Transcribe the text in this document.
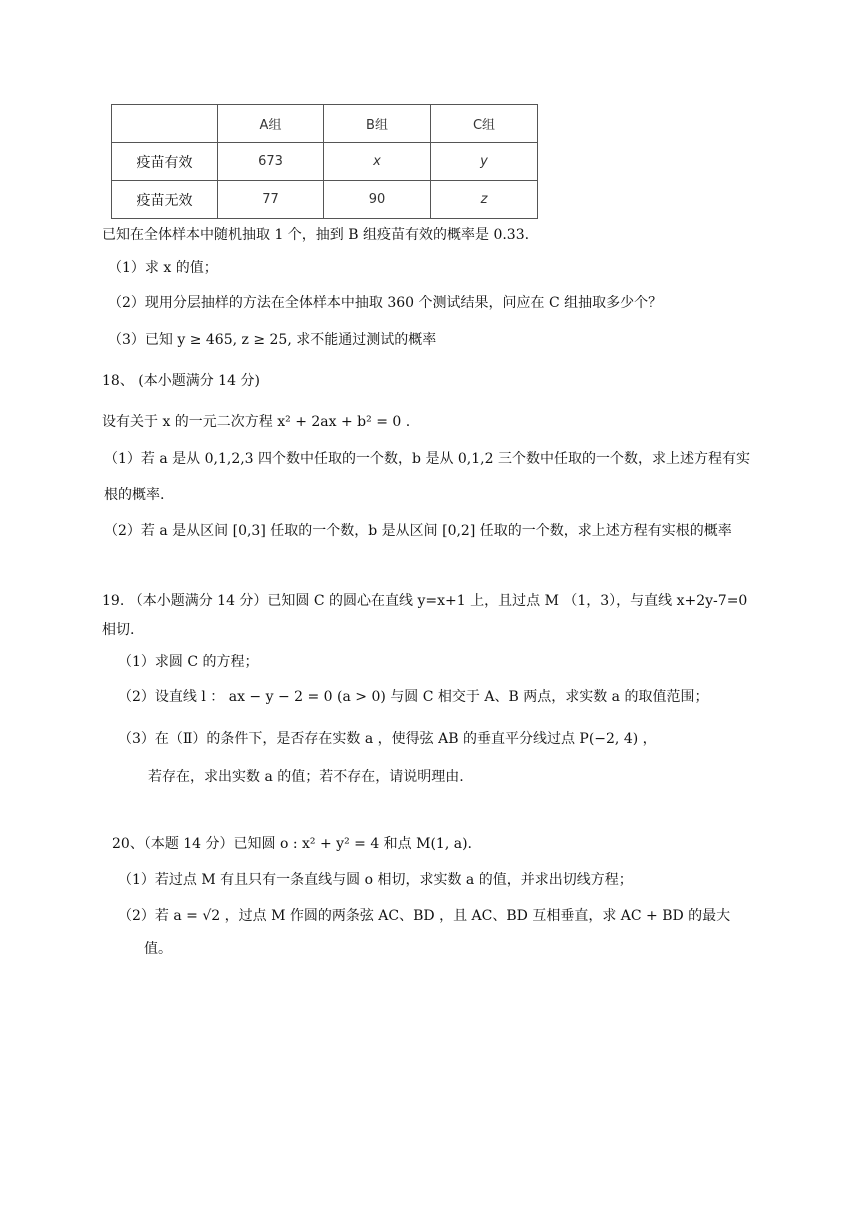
	A组	B组	C组
疫苗有效	673	x	y
疫苗无效	77	90	z
已知在全体样本中随机抽取 1 个，抽到 B 组疫苗有效的概率是 0.33.
（1）求 x 的值；
（2）现用分层抽样的方法在全体样本中抽取 360 个测试结果，问应在 C 组抽取多少个？
（3）已知 y ≥ 465, z ≥ 25, 求不能通过测试的概率
18、 (本小题满分 14 分)
设有关于 x 的一元二次方程 x² + 2ax + b² = 0 .
（1）若 a 是从 0,1,2,3 四个数中任取的一个数，b 是从 0,1,2 三个数中任取的一个数，求上述方程有实
根的概率.
（2）若 a 是从区间 [0,3] 任取的一个数，b 是从区间 [0,2] 任取的一个数，求上述方程有实根的概率
19. （本小题满分 14 分）已知圆 C 的圆心在直线 y=x+1 上，且过点 M （1，3），与直线 x+2y-7=0
相切.
（1）求圆 C 的方程；
（2）设直线 l ： ax − y − 2 = 0 (a > 0) 与圆 C 相交于 A、B 两点，求实数 a 的取值范围；
（3）在（Ⅱ）的条件下，是否存在实数 a ，使得弦 AB 的垂直平分线过点 P(−2, 4) ，
若存在，求出实数 a 的值；若不存在，请说明理由.
20、（本题 14 分）已知圆 o : x² + y² = 4 和点 M(1, a).
（1）若过点 M 有且只有一条直线与圆 o 相切，求实数 a 的值，并求出切线方程；
（2）若 a = √2 ，过点 M 作圆的两条弦 AC、BD ，且 AC、BD 互相垂直，求 AC + BD 的最大
值。
